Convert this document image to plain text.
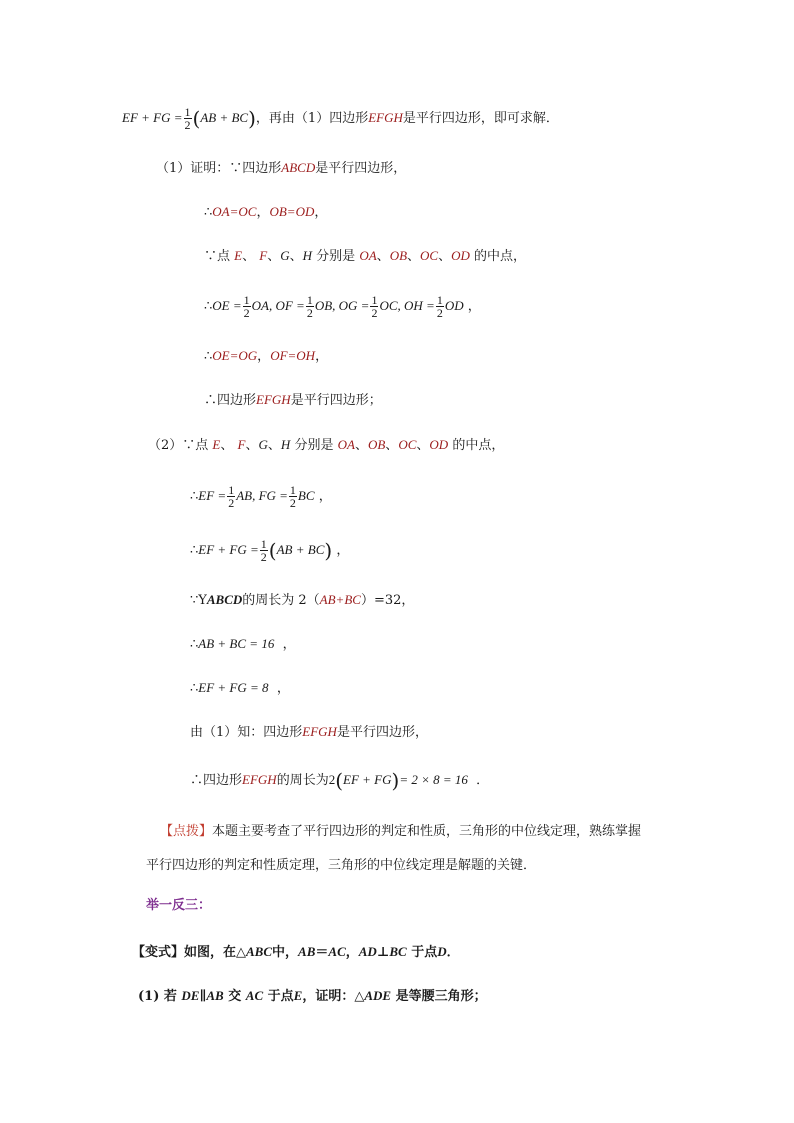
EF + FG = $\frac{1}{2} (AB + BC)$，再由（1）四边形EFGH是平行四边形，即可求解．
（1）证明：∵四边形ABCD是平行四边形，
∴OA=OC，OB=OD，
∵点 E、 F、G、H 分别是 OA、OB、OC、OD 的中点，
∴OE = $\frac{1}{2}$ OA, OF = $\frac{1}{2}$ OB, OG = $\frac{1}{2}$ OC, OH = $\frac{1}{2}$ OD ，
∴OE=OG，OF=OH，
∴四边形EFGH是平行四边形；
（2）∵点 E、 F、G、H 分别是 OA、OB、OC、OD 的中点，
∴EF = $\frac{1}{2}$ AB, FG = $\frac{1}{2}$ BC ，
∴EF + FG = $\frac{1}{2} (AB + BC)$ ，
∵YABCD的周长为 2（AB+BC）=32，
∴AB + BC = 16 ，
∴EF + FG = 8 ，
由（1）知：四边形EFGH是平行四边形，
∴四边形EFGH的周长为2(EF + FG)= 2 × 8 = 16 ．
【点拨】本题主要考查了平行四边形的判定和性质，三角形的中位线定理，熟练掌握
平行四边形的判定和性质定理，三角形的中位线定理是解题的关键．
举一反三：
【变式】如图，在△ABC中，AB＝AC，AD⊥BC 于点D．
(1) 若 DE∥AB 交 AC 于点E，证明：△ADE 是等腰三角形；
